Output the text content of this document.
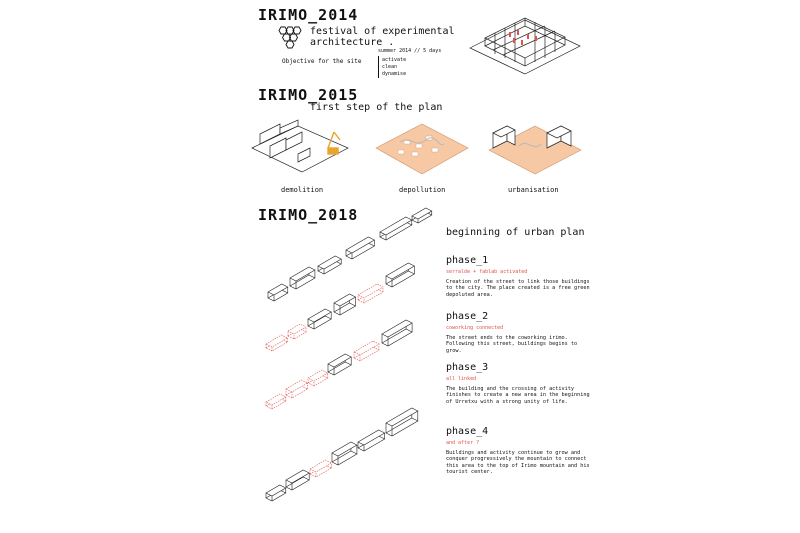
IRIMO_2014
festival of experimental
architecture .
summer 2014 // 5 days
Objective for the site	activate
clean
dynamise
IRIMO_2015
first step of the plan
demolition	depollution	urbanisation
IRIMO_2018
beginning of urban plan
phase_1
serralde + fablab activated
Creation of the street to link those buildings to the city. The place created is a free green depoluted area.
phase_2
coworking connected
The street ends to the coworking irimo. Following this street, buildings begins to grow.
phase_3
all linked
The building and the crossing of activity finishes to create a new area in the beginning of Urretxu with a strong unity of life.
phase_4
and after ?
Buildings and activity continue to grow and conquer progressively the mountain to connect this area to the top of Irimo mountain and his tourist center.
